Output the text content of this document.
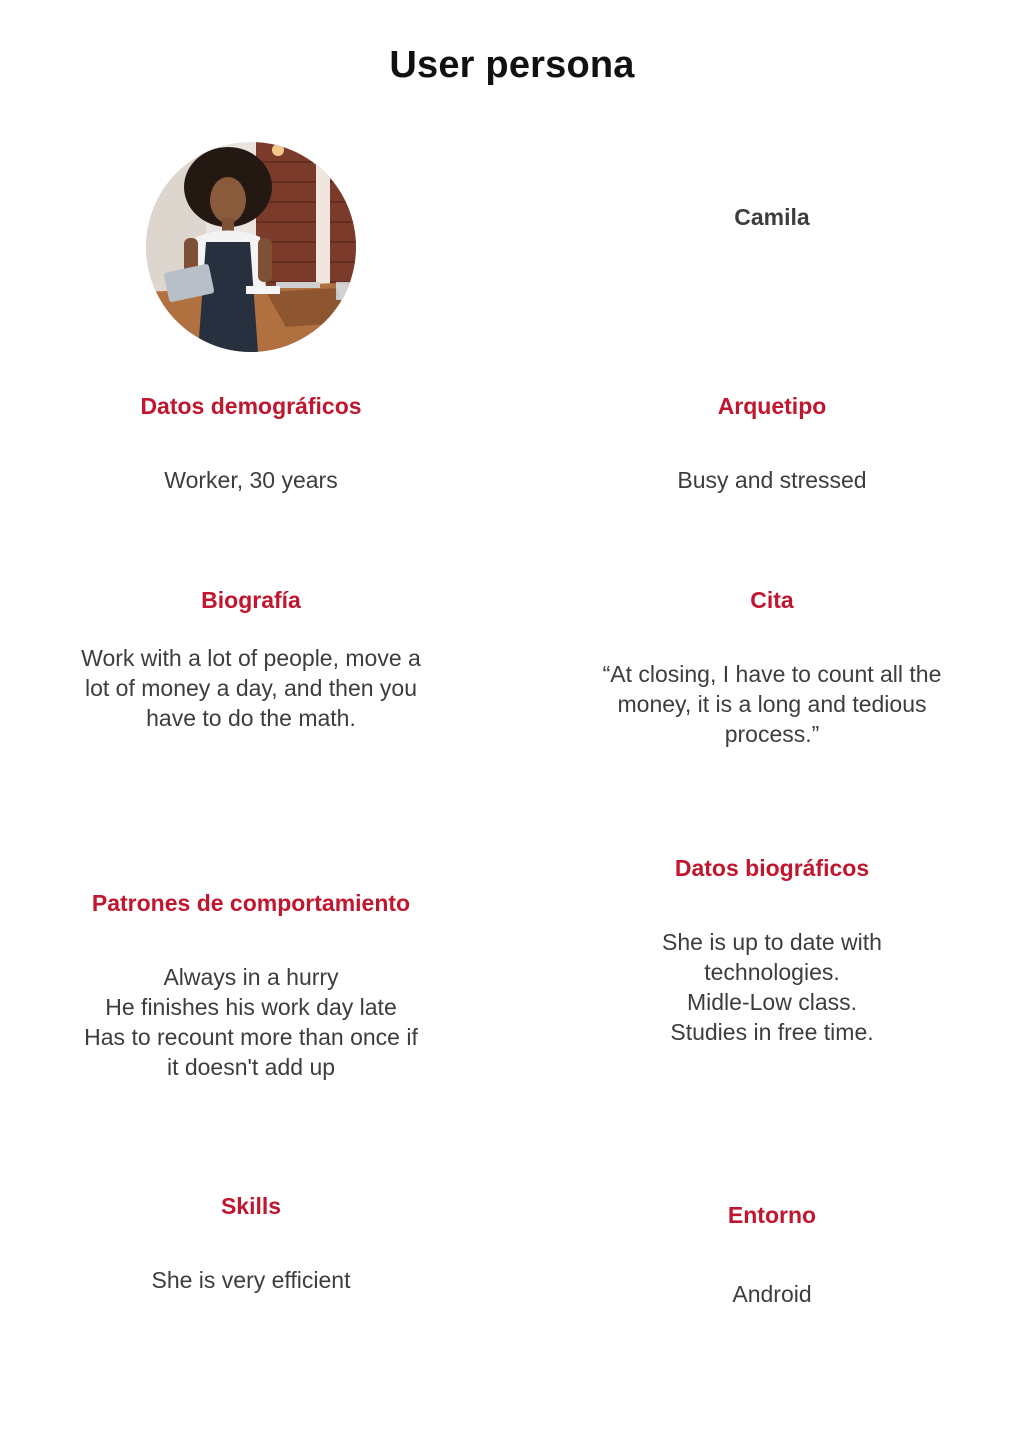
User persona
Camila
Datos demográficos
Worker, 30 years
Arquetipo
Busy and stressed
Biografía
Work with a lot of people, move a
lot of money a day, and then you
have to do the math.
Cita
“At closing, I have to count all the
money, it is a long and tedious
process.”
Patrones de comportamiento
Always in a hurry
He finishes his work day late
Has to recount more than once if
it doesn't add up
Datos biográficos
She is up to date with
technologies.
Midle-Low class.
Studies in free time.
Skills
She is very efficient
Entorno
Android
